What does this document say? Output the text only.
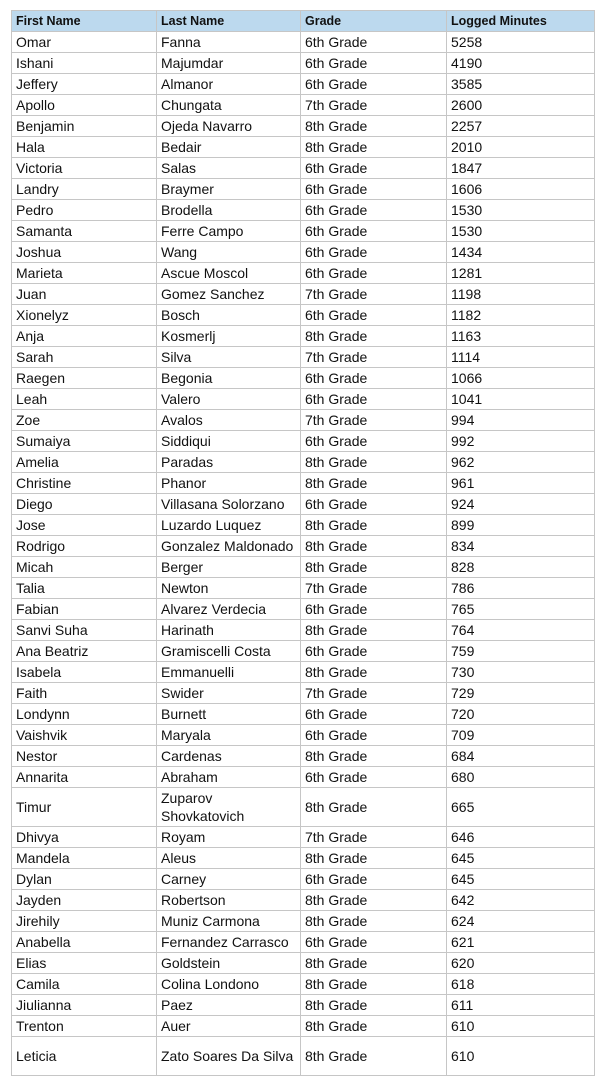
First Name	Last Name	Grade	Logged Minutes
Omar	Fanna	6th Grade	5258
Ishani	Majumdar	6th Grade	4190
Jeffery	Almanor	6th Grade	3585
Apollo	Chungata	7th Grade	2600
Benjamin	Ojeda Navarro	8th Grade	2257
Hala	Bedair	8th Grade	2010
Victoria	Salas	6th Grade	1847
Landry	Braymer	6th Grade	1606
Pedro	Brodella	6th Grade	1530
Samanta	Ferre Campo	6th Grade	1530
Joshua	Wang	6th Grade	1434
Marieta	Ascue Moscol	6th Grade	1281
Juan	Gomez Sanchez	7th Grade	1198
Xionelyz	Bosch	6th Grade	1182
Anja	Kosmerlj	8th Grade	1163
Sarah	Silva	7th Grade	1114
Raegen	Begonia	6th Grade	1066
Leah	Valero	6th Grade	1041
Zoe	Avalos	7th Grade	994
Sumaiya	Siddiqui	6th Grade	992
Amelia	Paradas	8th Grade	962
Christine	Phanor	8th Grade	961
Diego	Villasana Solorzano	6th Grade	924
Jose	Luzardo Luquez	8th Grade	899
Rodrigo	Gonzalez Maldonado	8th Grade	834
Micah	Berger	8th Grade	828
Talia	Newton	7th Grade	786
Fabian	Alvarez Verdecia	6th Grade	765
Sanvi Suha	Harinath	8th Grade	764
Ana Beatriz	Gramiscelli Costa	6th Grade	759
Isabela	Emmanuelli	8th Grade	730
Faith	Swider	7th Grade	729
Londynn	Burnett	6th Grade	720
Vaishvik	Maryala	6th Grade	709
Nestor	Cardenas	8th Grade	684
Annarita	Abraham	6th Grade	680
Timur	Zuparov Shovkatovich	8th Grade	665
Dhivya	Royam	7th Grade	646
Mandela	Aleus	8th Grade	645
Dylan	Carney	6th Grade	645
Jayden	Robertson	8th Grade	642
Jirehily	Muniz Carmona	8th Grade	624
Anabella	Fernandez Carrasco	6th Grade	621
Elias	Goldstein	8th Grade	620
Camila	Colina Londono	8th Grade	618
Jiulianna	Paez	8th Grade	611
Trenton	Auer	8th Grade	610
Leticia	Zato Soares Da Silva	8th Grade	610
